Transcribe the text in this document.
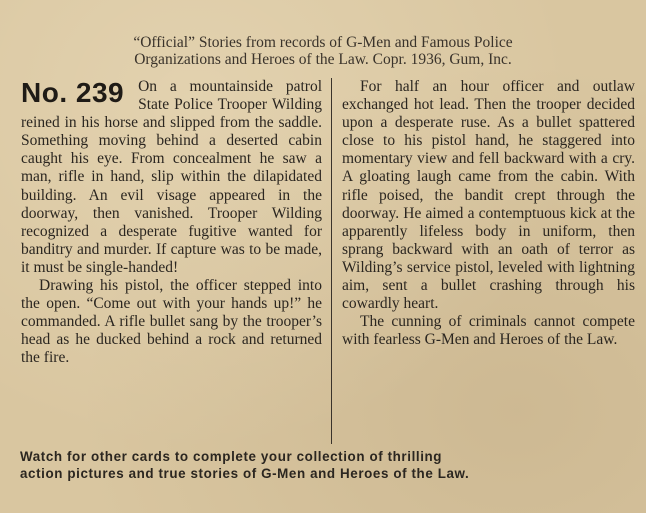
“Official” Stories from records of G-Men and Famous Police
Organizations and Heroes of the Law. Copr. 1936, Gum, Inc.
No. 239 On a mountainside patrol State Police Trooper Wilding reined in his horse and slipped from the saddle. Something moving behind a deserted cabin caught his eye. From concealment he saw a man, rifle in hand, slip within the dilapidated building. An evil visage appeared in the doorway, then vanished. Trooper Wilding recognized a desperate fugitive wanted for banditry and murder. If capture was to be made, it must be single-handed!

Drawing his pistol, the officer stepped into the open. “Come out with your hands up!” he commanded. A rifle bullet sang by the trooper’s head as he ducked behind a rock and returned the fire.

For half an hour officer and outlaw exchanged hot lead. Then the trooper decided upon a desperate ruse. As a bullet spattered close to his pistol hand, he staggered into momentary view and fell backward with a cry. A gloating laugh came from the cabin. With rifle poised, the bandit crept through the doorway. He aimed a contemptuous kick at the apparently lifeless body in uniform, then sprang backward with an oath of terror as Wilding’s service pistol, leveled with lightning aim, sent a bullet crashing through his cowardly heart.

The cunning of criminals cannot compete with fearless G-Men and Heroes of the Law.

Watch for other cards to complete your collection of thrilling
action pictures and true stories of G-Men and Heroes of the Law.
